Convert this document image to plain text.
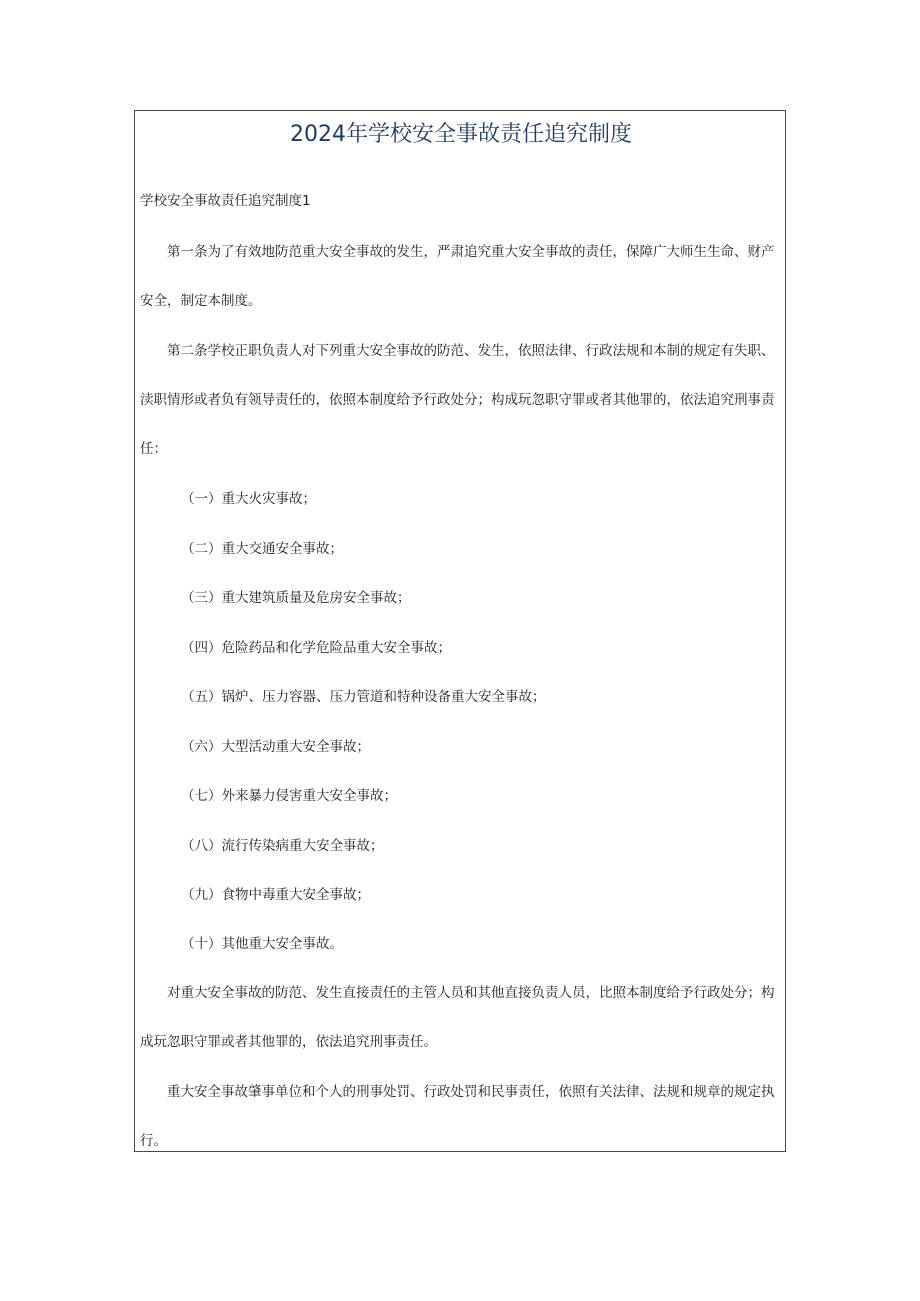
2024年学校安全事故责任追究制度
学校安全事故责任追究制度1

第一条为了有效地防范重大安全事故的发生，严肃追究重大安全事故的责任，保障广大师生生命、财产安全，制定本制度。

第二条学校正职负责人对下列重大安全事故的防范、发生，依照法律、行政法规和本制的规定有失职、渎职情形或者负有领导责任的，依照本制度给予行政处分；构成玩忽职守罪或者其他罪的，依法追究刑事责任：

（一）重大火灾事故；
（二）重大交通安全事故；
（三）重大建筑质量及危房安全事故；
（四）危险药品和化学危险品重大安全事故；
（五）锅炉、压力容器、压力管道和特种设备重大安全事故；
（六）大型活动重大安全事故；
（七）外来暴力侵害重大安全事故；
（八）流行传染病重大安全事故；
（九）食物中毒重大安全事故；
（十）其他重大安全事故。

对重大安全事故的防范、发生直接责任的主管人员和其他直接负责人员，比照本制度给予行政处分；构成玩忽职守罪或者其他罪的，依法追究刑事责任。

重大安全事故肇事单位和个人的刑事处罚、行政处罚和民事责任，依照有关法律、法规和规章的规定执行。
